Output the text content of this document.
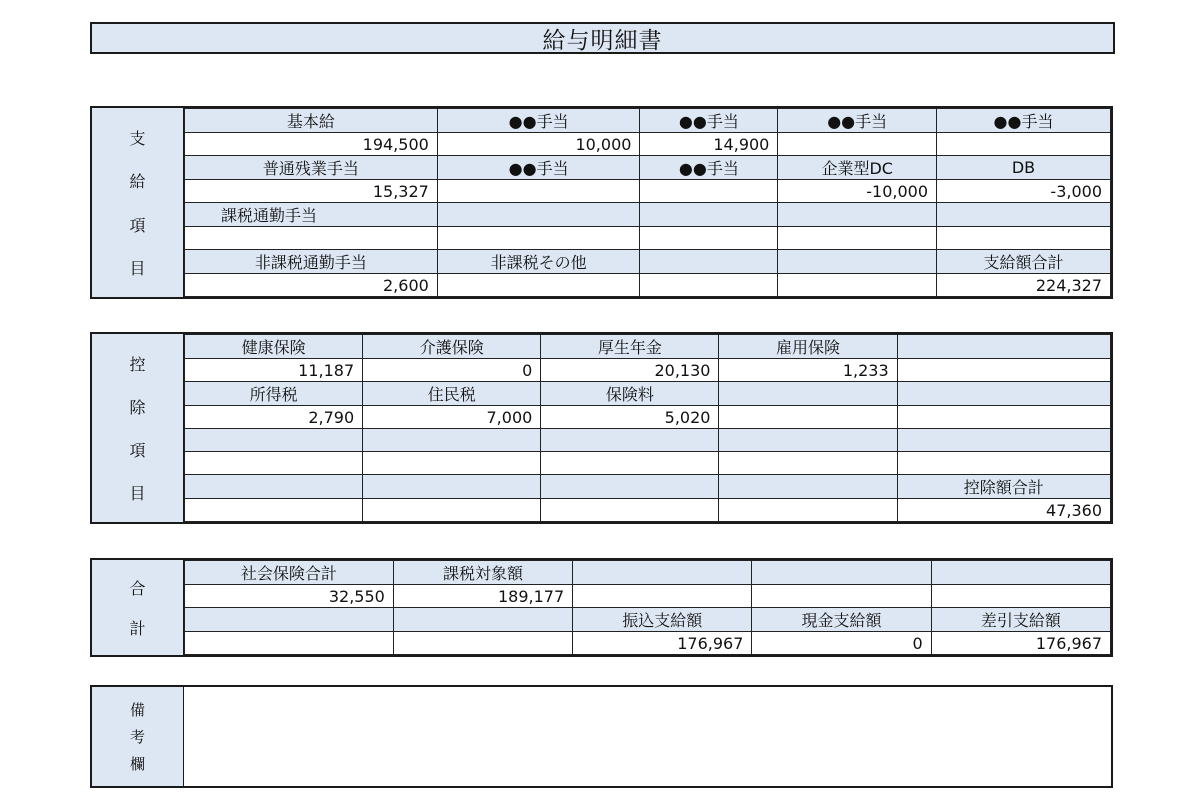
給与明細書
支
給
項
目
基本給	●●手当	●●手当	●●手当	●●手当
194,500	10,000	14,900		
普通残業手当	●●手当	●●手当	企業型DC	DB
15,327			-10,000	-3,000
課税通勤手当				

非課税通勤手当	非課税その他			支給額合計
2,600				224,327
控
除
項
目
健康保険	介護保険	厚生年金	雇用保険	
11,187	0	20,130	1,233	
所得税	住民税	保険料		
2,790	7,000	5,020		

				控除額合計
				47,360
合
計
社会保険合計	課税対象額			
32,550	189,177			
		振込支給額	現金支給額	差引支給額
		176,967	0	176,967
備
考
欄
